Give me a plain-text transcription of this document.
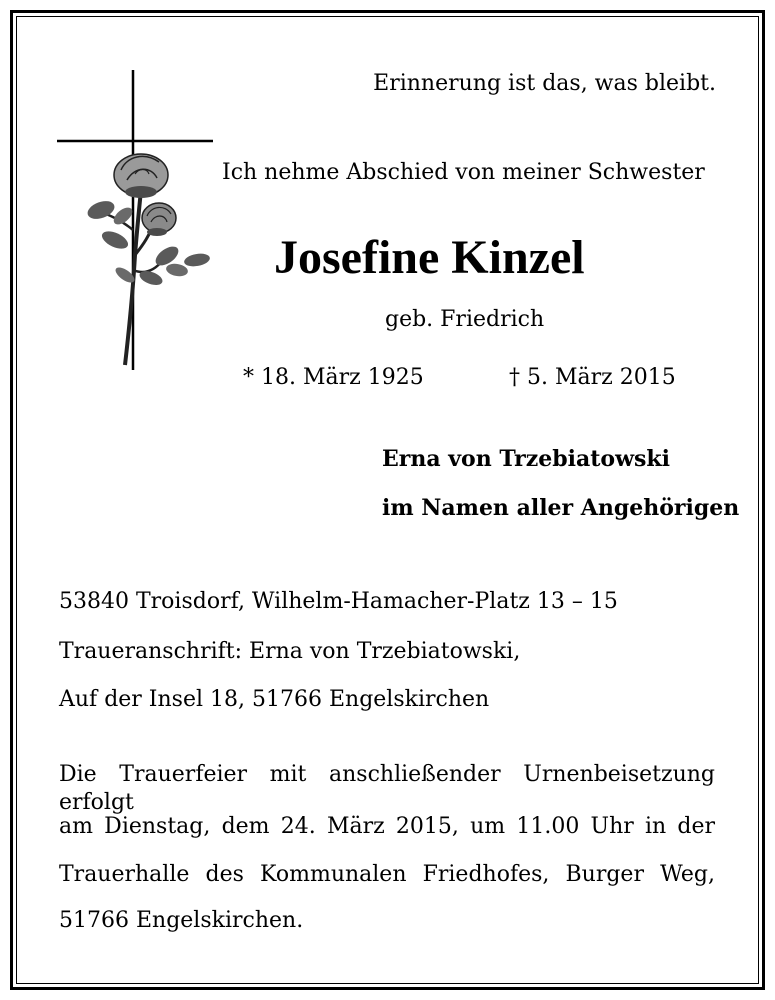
Erinnerung ist das, was bleibt.
Ich nehme Abschied von meiner Schwester
Josefine Kinzel
geb. Friedrich
* 18. März 1925	† 5. März 2015
Erna von Trzebiatowski
im Namen aller Angehörigen
53840 Troisdorf, Wilhelm-Hamacher-Platz 13 – 15
Traueranschrift: Erna von Trzebiatowski,
Auf der Insel 18, 51766 Engelskirchen
Die Trauerfeier mit anschließender Urnenbeisetzung erfolgt
am Dienstag, dem 24. März 2015, um 11.00 Uhr in der
Trauerhalle des Kommunalen Friedhofes, Burger Weg,
51766 Engelskirchen.
